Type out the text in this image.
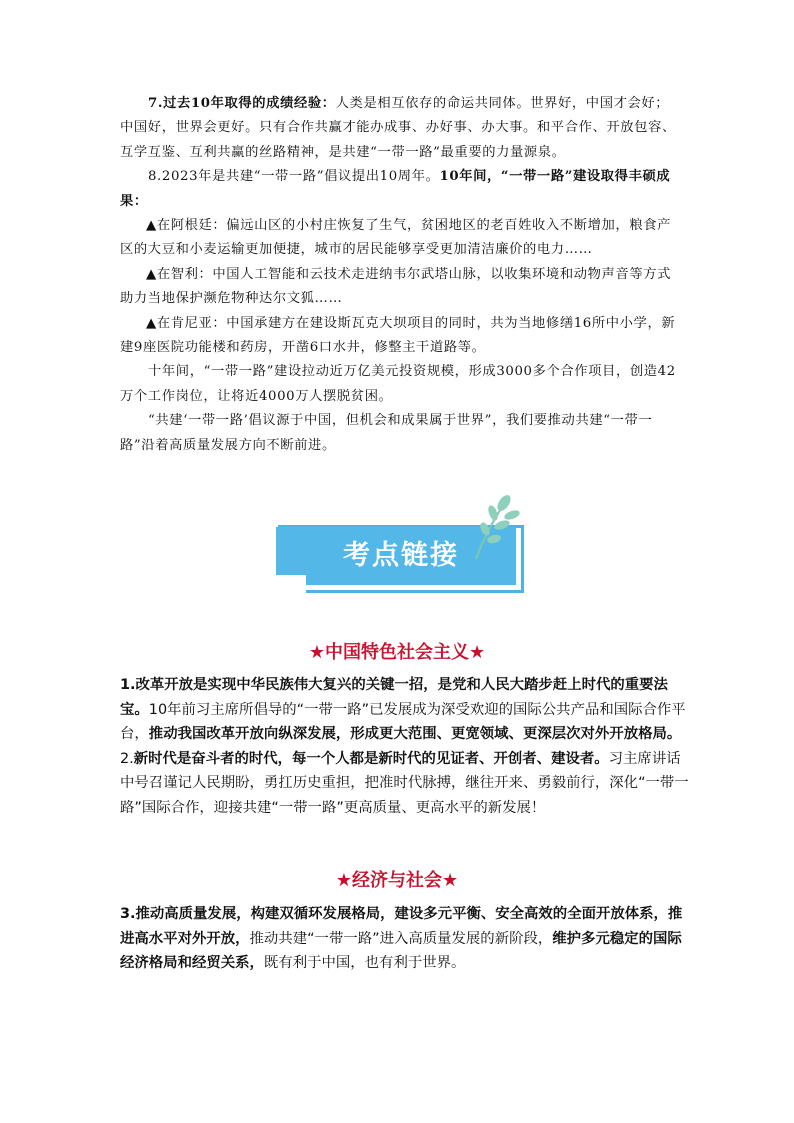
7.过去10年取得的成绩经验：人类是相互依存的命运共同体。世界好，中国才会好；中国好，世界会更好。只有合作共赢才能办成事、办好事、办大事。和平合作、开放包容、互学互鉴、互利共赢的丝路精神，是共建“一带一路”最重要的力量源泉。

8.2023年是共建“一带一路”倡议提出10周年。10年间，“一带一路”建设取得丰硕成果：

▲在阿根廷：偏远山区的小村庄恢复了生气，贫困地区的老百姓收入不断增加，粮食产区的大豆和小麦运输更加便捷，城市的居民能够享受更加清洁廉价的电力……

▲在智利：中国人工智能和云技术走进纳韦尔武塔山脉，以收集环境和动物声音等方式助力当地保护濒危物种达尔文狐……

▲在肯尼亚：中国承建方在建设斯瓦克大坝项目的同时，共为当地修缮16所中小学，新建9座医院功能楼和药房，开凿6口水井，修整主干道路等。

十年间，“一带一路”建设拉动近万亿美元投资规模，形成3000多个合作项目，创造42万个工作岗位，让将近4000万人摆脱贫困。

“共建‘一带一路’倡议源于中国，但机会和成果属于世界”，我们要推动共建“一带一路”沿着高质量发展方向不断前进。

考点链接
★中国特色社会主义★

1.改革开放是实现中华民族伟大复兴的关键一招，是党和人民大踏步赶上时代的重要法宝。10年前习主席所倡导的“一带一路”已发展成为深受欢迎的国际公共产品和国际合作平台，推动我国改革开放向纵深发展，形成更大范围、更宽领域、更深层次对外开放格局。

2.新时代是奋斗者的时代，每一个人都是新时代的见证者、开创者、建设者。习主席讲话中号召谨记人民期盼，勇扛历史重担，把准时代脉搏，继往开来、勇毅前行，深化“一带一路”国际合作，迎接共建“一带一路”更高质量、更高水平的新发展！

★经济与社会★

3.推动高质量发展，构建双循环发展格局，建设多元平衡、安全高效的全面开放体系，推进高水平对外开放，推动共建“一带一路”进入高质量发展的新阶段，维护多元稳定的国际经济格局和经贸关系，既有利于中国，也有利于世界。
